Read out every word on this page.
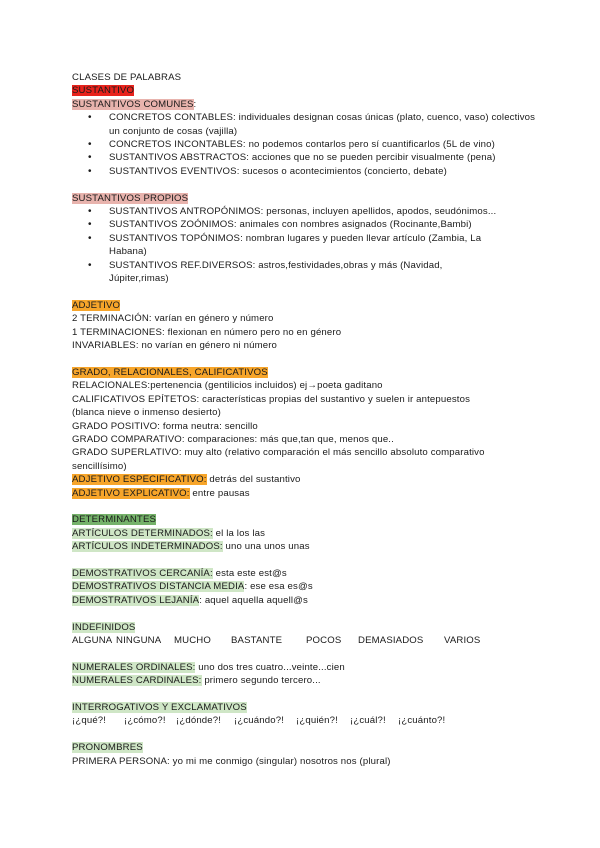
CLASES DE PALABRAS
SUSTANTIVO
SUSTANTIVOS COMUNES:
• CONCRETOS CONTABLES: individuales designan cosas únicas (plato, cuenco, vaso) colectivos un conjunto de cosas (vajilla)
• CONCRETOS INCONTABLES: no podemos contarlos pero sí cuantificarlos (5L de vino)
• SUSTANTIVOS ABSTRACTOS: acciones que no se pueden percibir visualmente (pena)
• SUSTANTIVOS EVENTIVOS: sucesos o acontecimientos (concierto, debate)
SUSTANTIVOS PROPIOS
• SUSTANTIVOS ANTROPÓNIMOS: personas, incluyen apellidos, apodos, seudónimos...
• SUSTANTIVOS ZOÓNIMOS: animales con nombres asignados (Rocinante,Bambi)
• SUSTANTIVOS TOPÓNIMOS: nombran lugares y pueden llevar artículo (Zambia, La Habana)
• SUSTANTIVOS REF.DIVERSOS: astros,festividades,obras y más (Navidad, Júpiter,rimas)
ADJETIVO
2 TERMINACIÓN: varían en género y número
1 TERMINACIONES: flexionan en número pero no en género
INVARIABLES: no varían en género ni número
GRADO, RELACIONALES, CALIFICATIVOS
RELACIONALES:pertenencia (gentilicios incluidos) ej→poeta gaditano
CALIFICATIVOS EPÍTETOS: características propias del sustantivo y suelen ir antepuestos
(blanca nieve o inmenso desierto)
GRADO POSITIVO: forma neutra: sencillo
GRADO COMPARATIVO: comparaciones: más que,tan que, menos que..
GRADO SUPERLATIVO: muy alto (relativo comparación el más sencillo absoluto comparativo
sencillísimo)
ADJETIVO ESPECIFICATIVO: detrás del sustantivo
ADJETIVO EXPLICATIVO: entre pausas
DETERMINANTES
ARTÍCULOS DETERMINADOS: el la los las
ARTÍCULOS INDETERMINADOS: uno una unos unas
DEMOSTRATIVOS CERCANÍA: esta este est@s
DEMOSTRATIVOS DISTANCIA MEDIA: ese esa es@s
DEMOSTRATIVOS LEJANÍA: aquel aquella aquell@s
INDEFINIDOS
ALGUNA NINGUNA	MUCHO	BASTANTE	POCOS	DEMASIADOS	VARIOS
NUMERALES ORDINALES: uno dos tres cuatro...veinte...cien
NUMERALES CARDINALES: primero segundo tercero...
INTERROGATIVOS Y EXCLAMATIVOS
¡¿qué?!	¡¿cómo?!	¡¿dónde?!	¡¿cuándo?!	¡¿quién?!	¡¿cuál?!	¡¿cuánto?!
PRONOMBRES
PRIMERA PERSONA: yo mi me conmigo (singular) nosotros nos (plural)
